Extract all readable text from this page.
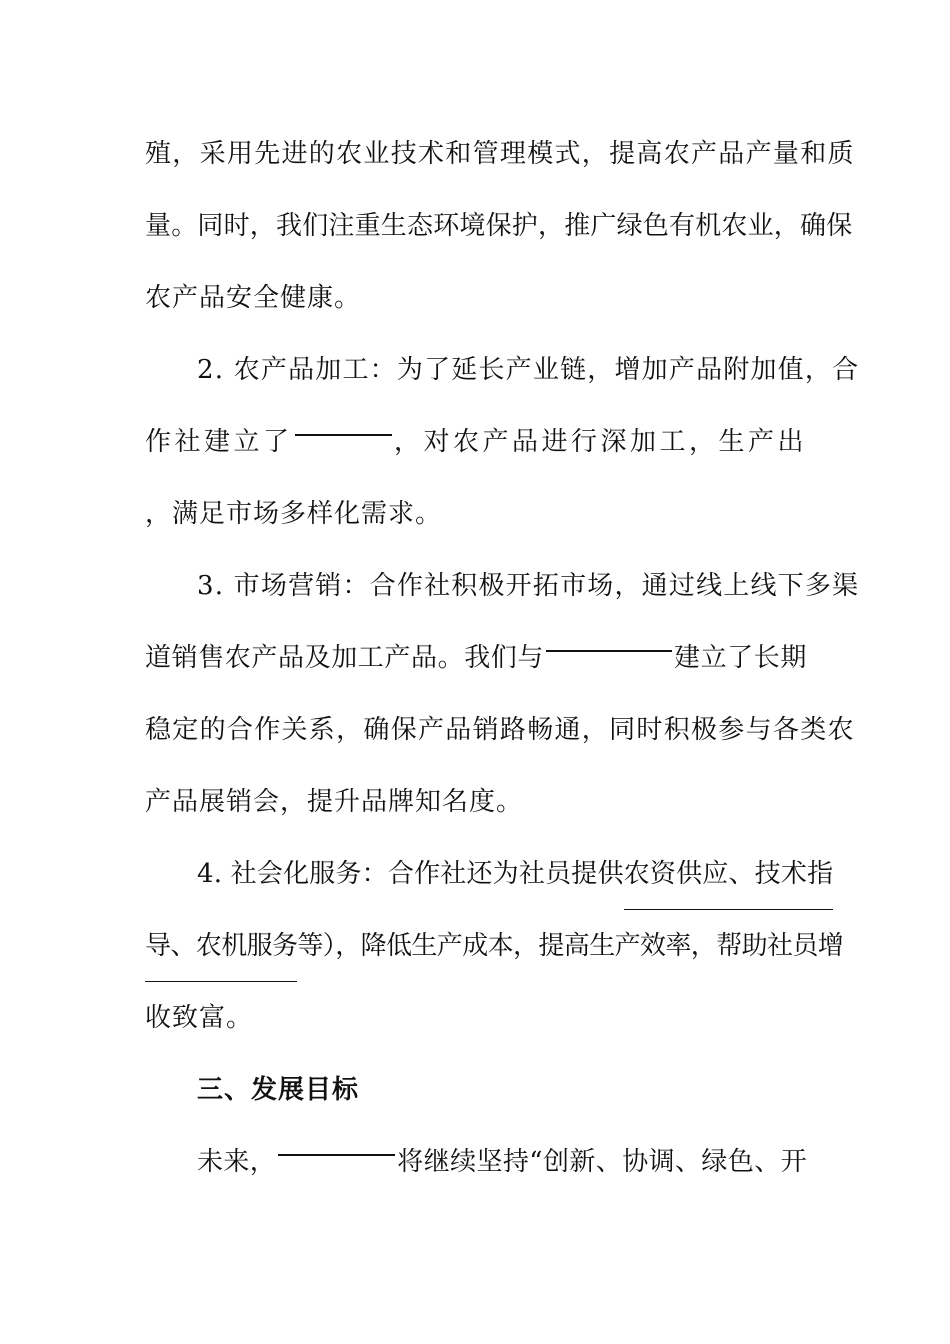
殖，采用先进的农业技术和管理模式，提高农产品产量和质
量。同时，我们注重生态环境保护，推广绿色有机农业，确保
农产品安全健康。
2. 农产品加工：为了延长产业链，增加产品附加值，合
作社建立了	，对农产品进行深加工，生产出
，满足市场多样化需求。
3. 市场营销：合作社积极开拓市场，通过线上线下多渠
道销售农产品及加工产品。我们与	建立了长期
稳定的合作关系，确保产品销路畅通，同时积极参与各类农
产品展销会，提升品牌知名度。
4. 社会化服务：合作社还为社员提供 农资供应、技术指
导、农机服务 等），降低生产成本，提高生产效率，帮助社员增
收致富。
三、发展目标
未来，	将继续坚持“创新、协调、绿色、开
